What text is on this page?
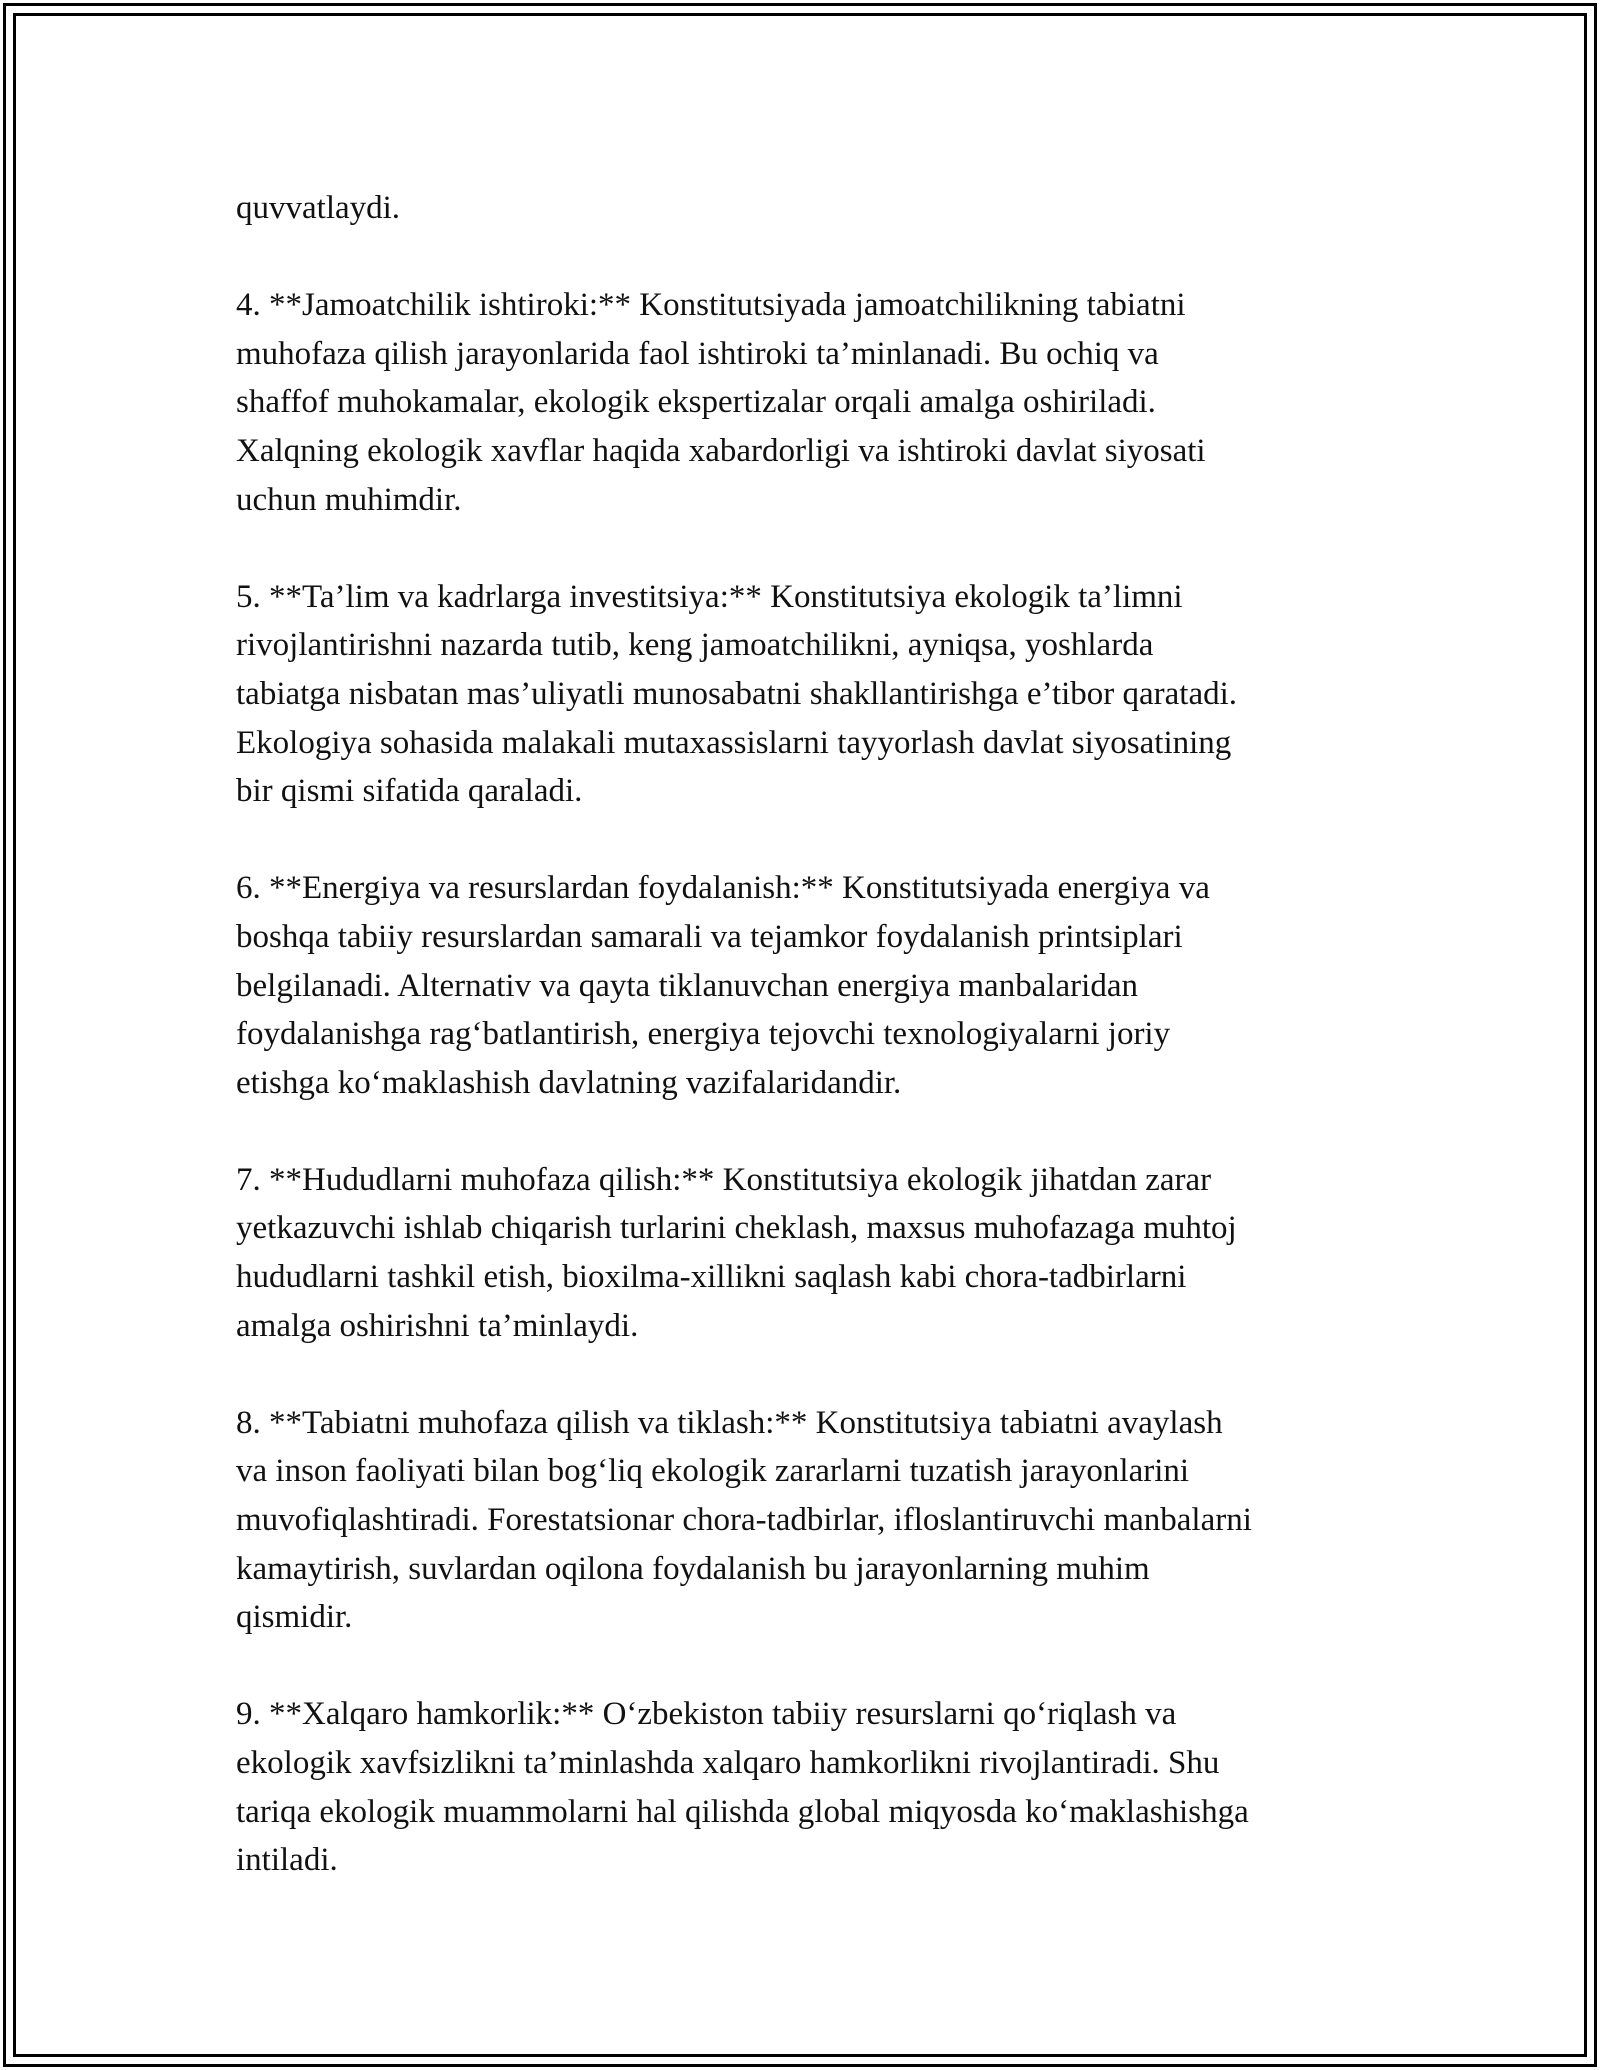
quvvatlaydi.

4. **Jamoatchilik ishtiroki:** Konstitutsiyada jamoatchilikning tabiatni
muhofaza qilish jarayonlarida faol ishtiroki ta’minlanadi. Bu ochiq va
shaffof muhokamalar, ekologik ekspertizalar orqali amalga oshiriladi.
Xalqning ekologik xavflar haqida xabardorligi va ishtiroki davlat siyosati
uchun muhimdir.

5. **Ta’lim va kadrlarga investitsiya:** Konstitutsiya ekologik ta’limni
rivojlantirishni nazarda tutib, keng jamoatchilikni, ayniqsa, yoshlarda
tabiatga nisbatan mas’uliyatli munosabatni shakllantirishga e’tibor qaratadi.
Ekologiya sohasida malakali mutaxassislarni tayyorlash davlat siyosatining
bir qismi sifatida qaraladi.

6. **Energiya va resurslardan foydalanish:** Konstitutsiyada energiya va
boshqa tabiiy resurslardan samarali va tejamkor foydalanish printsiplari
belgilanadi. Alternativ va qayta tiklanuvchan energiya manbalaridan
foydalanishga rag‘batlantirish, energiya tejovchi texnologiyalarni joriy
etishga ko‘maklashish davlatning vazifalaridandir.

7. **Hududlarni muhofaza qilish:** Konstitutsiya ekologik jihatdan zarar
yetkazuvchi ishlab chiqarish turlarini cheklash, maxsus muhofazaga muhtoj
hududlarni tashkil etish, bioxilma-xillikni saqlash kabi chora-tadbirlarni
amalga oshirishni ta’minlaydi.

8. **Tabiatni muhofaza qilish va tiklash:** Konstitutsiya tabiatni avaylash
va inson faoliyati bilan bog‘liq ekologik zararlarni tuzatish jarayonlarini
muvofiqlashtiradi. Forestatsionar chora-tadbirlar, ifloslantiruvchi manbalarni
kamaytirish, suvlardan oqilona foydalanish bu jarayonlarning muhim
qismidir.

9. **Xalqaro hamkorlik:** O‘zbekiston tabiiy resurslarni qo‘riqlash va
ekologik xavfsizlikni ta’minlashda xalqaro hamkorlikni rivojlantiradi. Shu
tariqa ekologik muammolarni hal qilishda global miqyosda ko‘maklashishga
intiladi.
